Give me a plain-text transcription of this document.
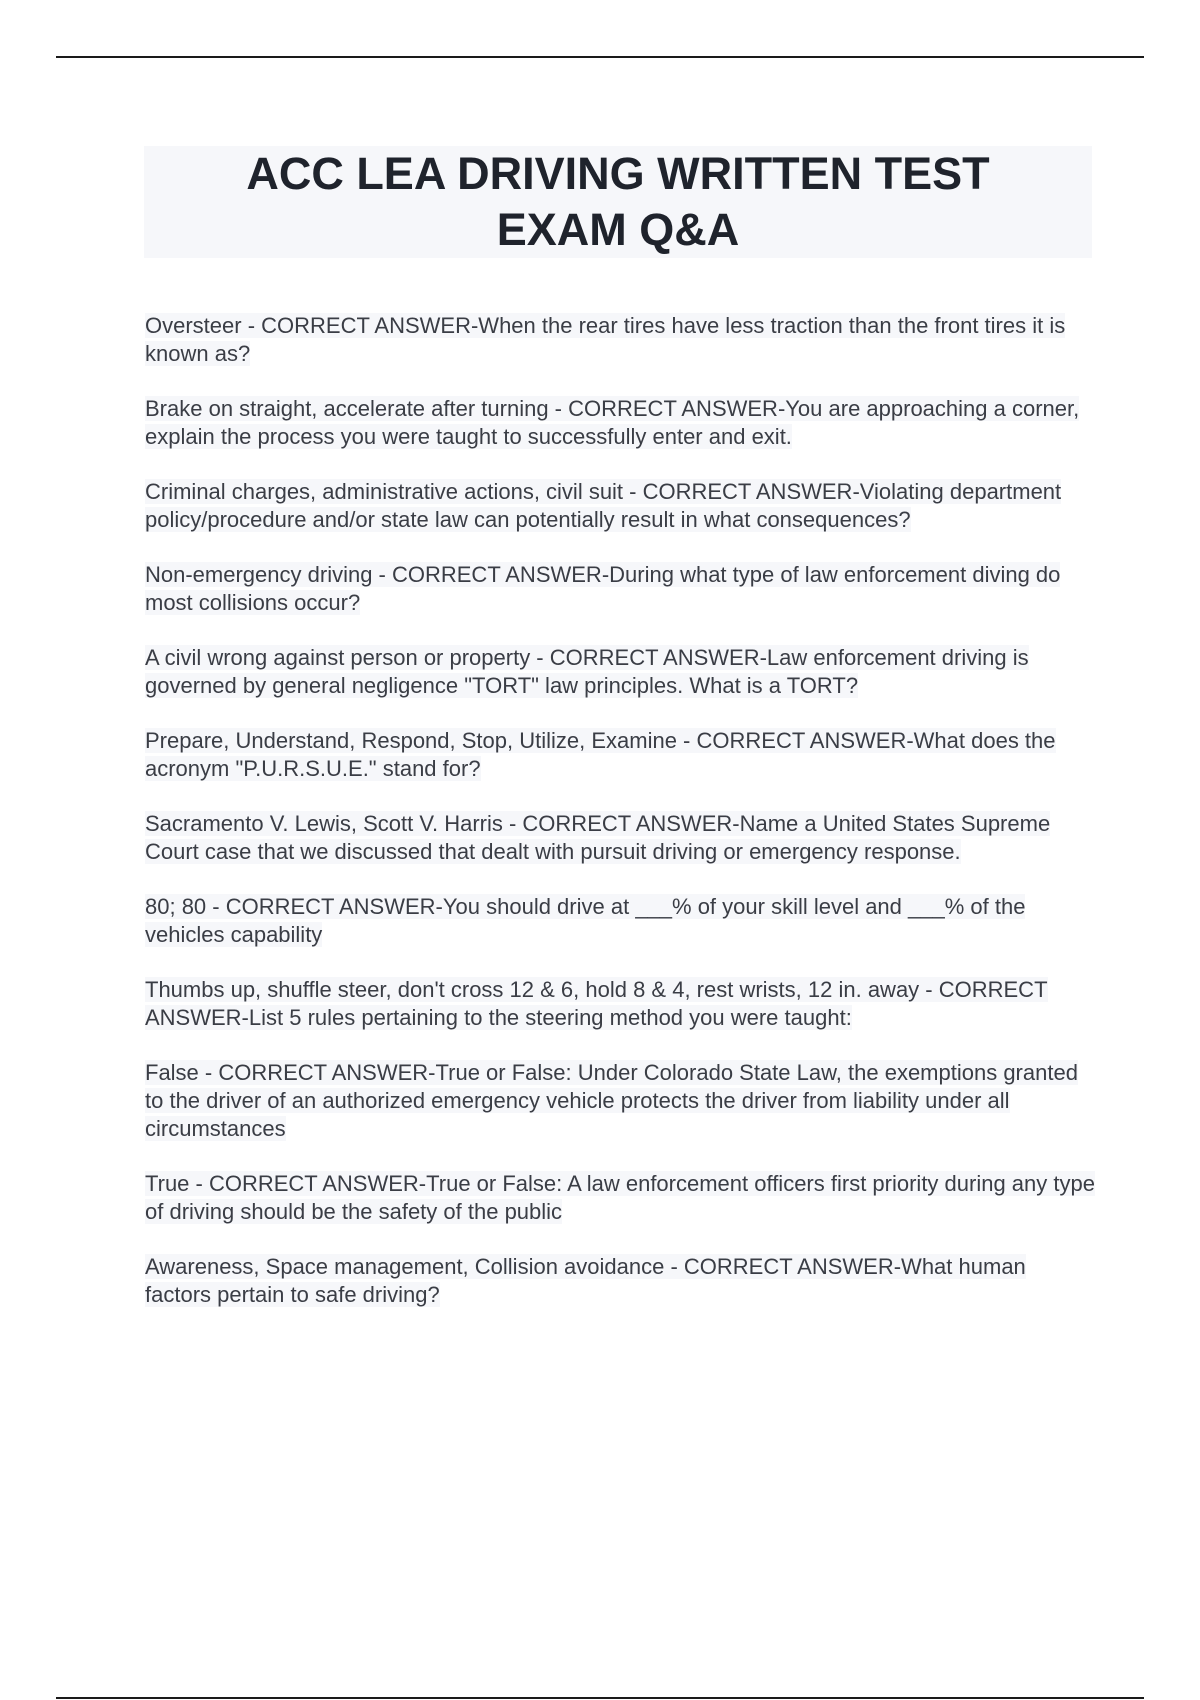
ACC LEA DRIVING WRITTEN TEST EXAM Q&A
Oversteer - CORRECT ANSWER-When the rear tires have less traction than the front tires it is known as?
Brake on straight, accelerate after turning - CORRECT ANSWER-You are approaching a corner, explain the process you were taught to successfully enter and exit.
Criminal charges, administrative actions, civil suit - CORRECT ANSWER-Violating department policy/procedure and/or state law can potentially result in what consequences?
Non-emergency driving - CORRECT ANSWER-During what type of law enforcement diving do most collisions occur?
A civil wrong against person or property - CORRECT ANSWER-Law enforcement driving is governed by general negligence "TORT" law principles. What is a TORT?
Prepare, Understand, Respond, Stop, Utilize, Examine - CORRECT ANSWER-What does the acronym "P.U.R.S.U.E." stand for?
Sacramento V. Lewis, Scott V. Harris - CORRECT ANSWER-Name a United States Supreme Court case that we discussed that dealt with pursuit driving or emergency response.
80; 80 - CORRECT ANSWER-You should drive at ___% of your skill level and ___% of the vehicles capability
Thumbs up, shuffle steer, don't cross 12 & 6, hold 8 & 4, rest wrists, 12 in. away - CORRECT ANSWER-List 5 rules pertaining to the steering method you were taught:
False - CORRECT ANSWER-True or False: Under Colorado State Law, the exemptions granted to the driver of an authorized emergency vehicle protects the driver from liability under all circumstances
True - CORRECT ANSWER-True or False: A law enforcement officers first priority during any type of driving should be the safety of the public
Awareness, Space management, Collision avoidance - CORRECT ANSWER-What human factors pertain to safe driving?
